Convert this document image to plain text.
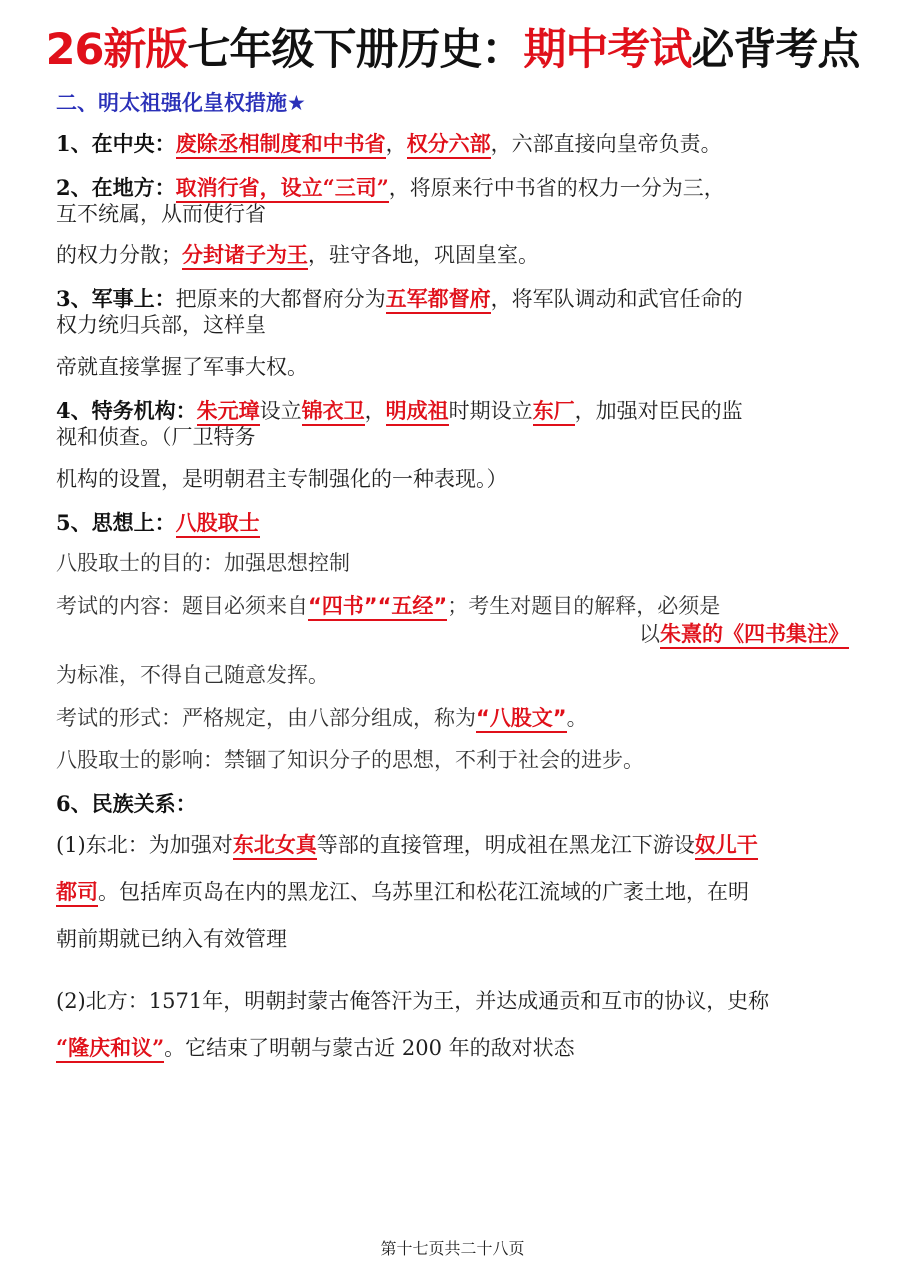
26新版七年级下册历史：期中考试必背考点
二、明太祖强化皇权措施★
1、在中央：废除丞相制度和中书省，权分六部，六部直接向皇帝负责。
2、在地方：取消行省，设立“三司”，将原来行中书省的权力一分为三，
互不统属，从而使行省
的权力分散；分封诸子为王，驻守各地，巩固皇室。
3、军事上：把原来的大都督府分为五军都督府，将军队调动和武官任命的
权力统归兵部，这样皇
帝就直接掌握了军事大权。
4、特务机构：朱元璋设立锦衣卫，明成祖时期设立东厂，加强对臣民的监
视和侦查。（厂卫特务
机构的设置，是明朝君主专制强化的一种表现。）
5、思想上：八股取士
八股取士的目的：加强思想控制
考试的内容：题目必须来自“四书”“五经”；考生对题目的解释，必须是
以朱熹的《四书集注》
为标准，不得自己随意发挥。
考试的形式：严格规定，由八部分组成，称为“八股文”。
八股取士的影响：禁锢了知识分子的思想，不利于社会的进步。
6、民族关系：
(1)东北：为加强对东北女真等部的直接管理，明成祖在黑龙江下游设奴儿干
都司。包括库页岛在内的黑龙江、乌苏里江和松花江流域的广袤土地，在明
朝前期就已纳入有效管理
(2)北方：1571年，明朝封蒙古俺答汗为王，并达成通贡和互市的协议，史称
“隆庆和议”。它结束了明朝与蒙古近 200 年的敌对状态
第十七页共二十八页
